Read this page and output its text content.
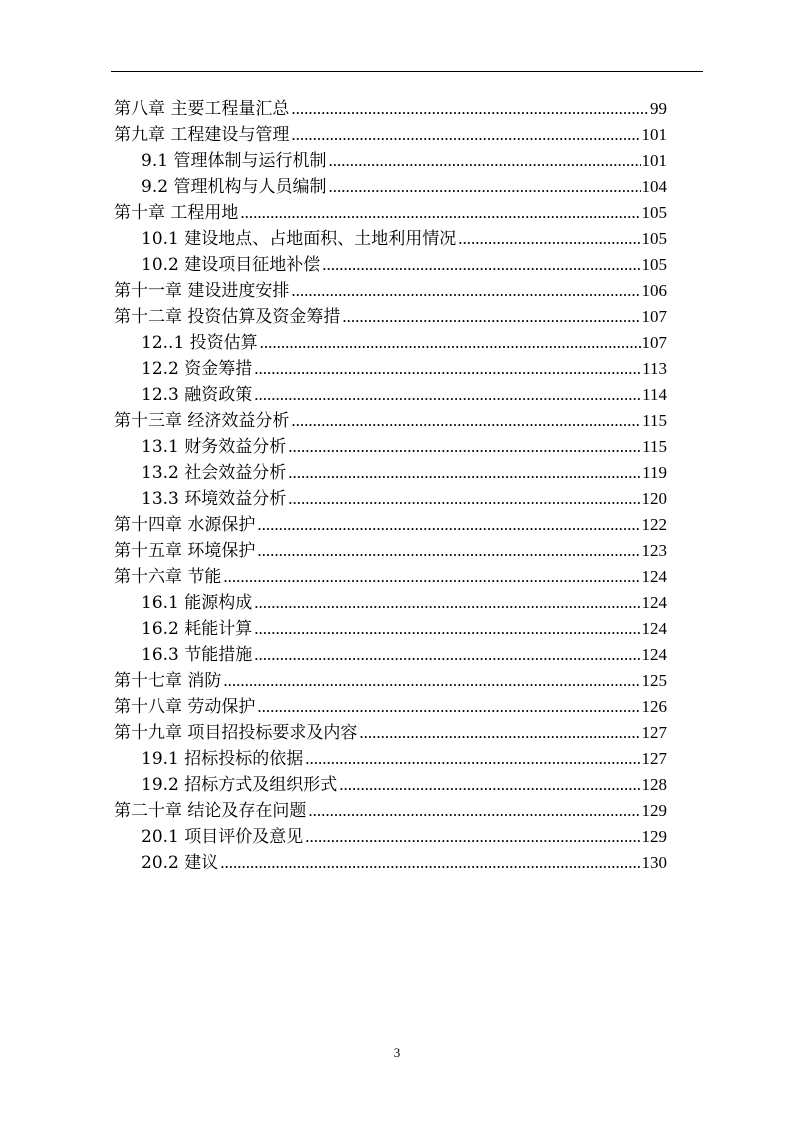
第八章 主要工程量汇总 .....	99
第九章 工程建设与管理 .....	101
9.1 管理体制与运行机制 .....	101
9.2 管理机构与人员编制 .....	104
第十章 工程用地 .....	105
10.1 建设地点、占地面积、土地利用情况 .....	105
10.2 建设项目征地补偿 .....	105
第十一章 建设进度安排 .....	106
第十二章 投资估算及资金筹措 .....	107
12..1 投资估算 .....	107
12.2 资金筹措 .....	113
12.3 融资政策 .....	114
第十三章 经济效益分析 .....	115
13.1 财务效益分析 .....	115
13.2 社会效益分析 .....	119
13.3 环境效益分析 .....	120
第十四章 水源保护 .....	122
第十五章 环境保护 .....	123
第十六章 节能 .....	124
16.1 能源构成 .....	124
16.2 耗能计算 .....	124
16.3 节能措施 .....	124
第十七章 消防 .....	125
第十八章 劳动保护 .....	126
第十九章 项目招投标要求及内容 .....	127
19.1 招标投标的依据 .....	127
19.2 招标方式及组织形式 .....	128
第二十章 结论及存在问题 .....	129
20.1 项目评价及意见 .....	129
20.2 建议 .....	130
3
